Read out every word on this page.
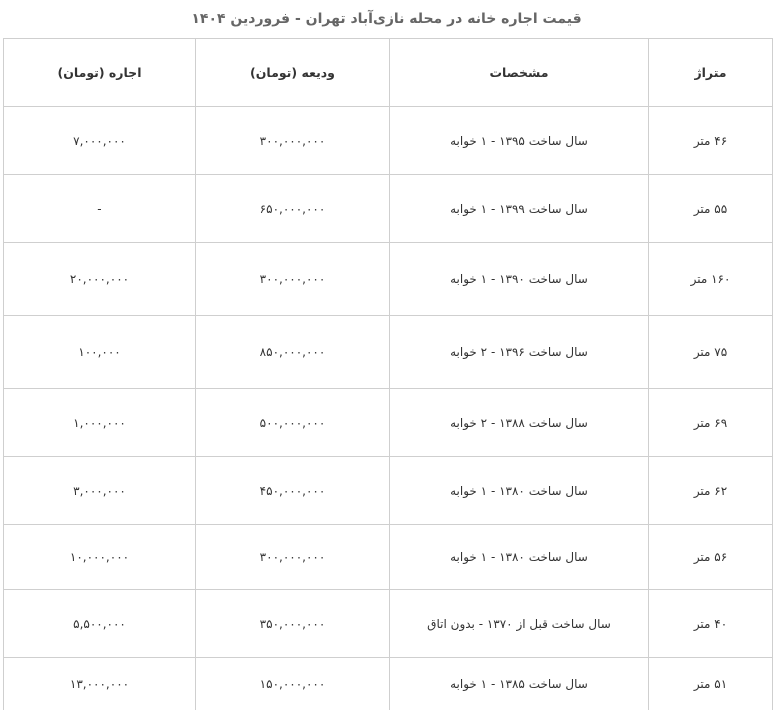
قیمت اجاره خانه در محله نازی‌آباد تهران - فروردین ۱۴۰۴
متراژ	مشخصات	ودیعه (تومان)	اجاره (تومان)
۴۶ متر	سال ساخت ۱۳۹۵ - ۱ خوابه	۳۰۰,۰۰۰,۰۰۰	۷,۰۰۰,۰۰۰
۵۵ متر	سال ساخت ۱۳۹۹ - ۱ خوابه	۶۵۰,۰۰۰,۰۰۰	-
۱۶۰ متر	سال ساخت ۱۳۹۰ - ۱ خوابه	۳۰۰,۰۰۰,۰۰۰	۲۰,۰۰۰,۰۰۰
۷۵ متر	سال ساخت ۱۳۹۶ - ۲ خوابه	۸۵۰,۰۰۰,۰۰۰	۱۰۰,۰۰۰
۶۹ متر	سال ساخت ۱۳۸۸ - ۲ خوابه	۵۰۰,۰۰۰,۰۰۰	۱,۰۰۰,۰۰۰
۶۲ متر	سال ساخت ۱۳۸۰ - ۱ خوابه	۴۵۰,۰۰۰,۰۰۰	۳,۰۰۰,۰۰۰
۵۶ متر	سال ساخت ۱۳۸۰ - ۱ خوابه	۳۰۰,۰۰۰,۰۰۰	۱۰,۰۰۰,۰۰۰
۴۰ متر	سال ساخت قبل از ۱۳۷۰ - بدون اتاق	۳۵۰,۰۰۰,۰۰۰	۵,۵۰۰,۰۰۰
۵۱ متر	سال ساخت ۱۳۸۵ - ۱ خوابه	۱۵۰,۰۰۰,۰۰۰	۱۳,۰۰۰,۰۰۰
